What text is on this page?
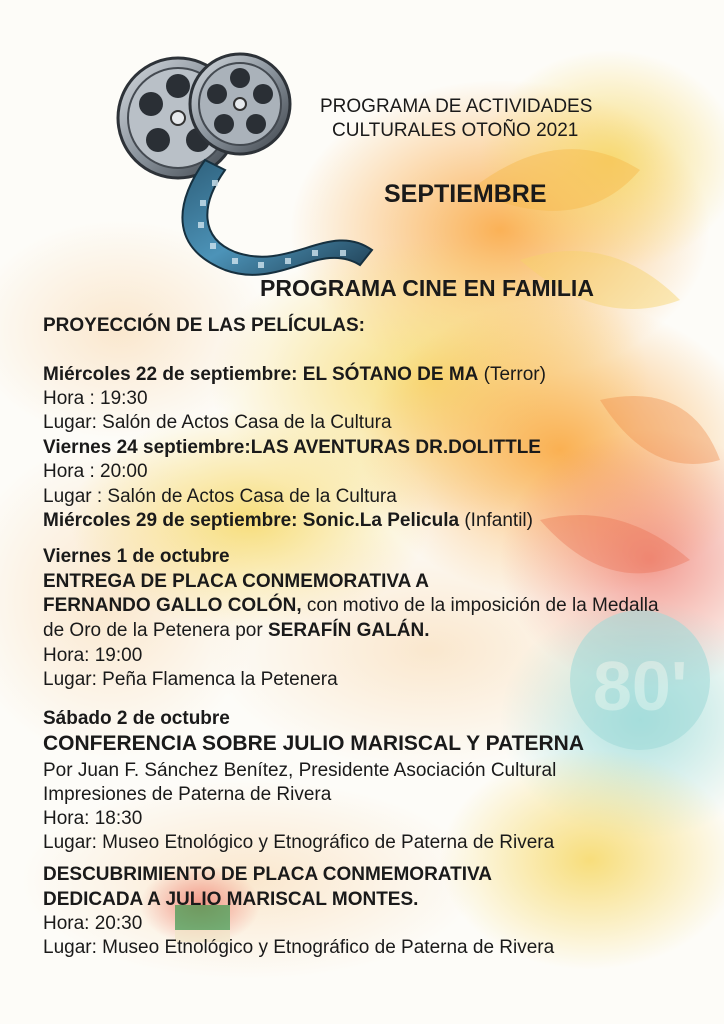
80'
PROGRAMA DE ACTIVIDADES
CULTURALES OTOÑO 2021
SEPTIEMBRE
PROGRAMA CINE EN FAMILIA
PROYECCIÓN DE LAS PELÍCULAS:
Miércoles 22 de septiembre: EL SÓTANO DE MA (Terror)
Hora : 19:30
Lugar: Salón de Actos Casa de la Cultura
Viernes 24 septiembre:LAS AVENTURAS DR.DOLITTLE
Hora : 20:00
Lugar : Salón de Actos Casa de la Cultura
Miércoles 29 de septiembre: Sonic.La Pelicula (Infantil)
Viernes 1 de octubre
ENTREGA DE PLACA CONMEMORATIVA A
FERNANDO GALLO COLÓN, con motivo de la imposición de la Medalla
de Oro de la Petenera por SERAFÍN GALÁN.
Hora: 19:00
Lugar: Peña Flamenca la Petenera
Sábado 2 de octubre
CONFERENCIA SOBRE JULIO MARISCAL Y PATERNA
Por Juan F. Sánchez Benítez, Presidente Asociación Cultural
Impresiones de Paterna de Rivera
Hora: 18:30
Lugar: Museo Etnológico y Etnográfico de Paterna de Rivera
DESCUBRIMIENTO DE PLACA CONMEMORATIVA
DEDICADA A JULIO MARISCAL MONTES.
Hora: 20:30
Lugar: Museo Etnológico y Etnográfico de Paterna de Rivera
